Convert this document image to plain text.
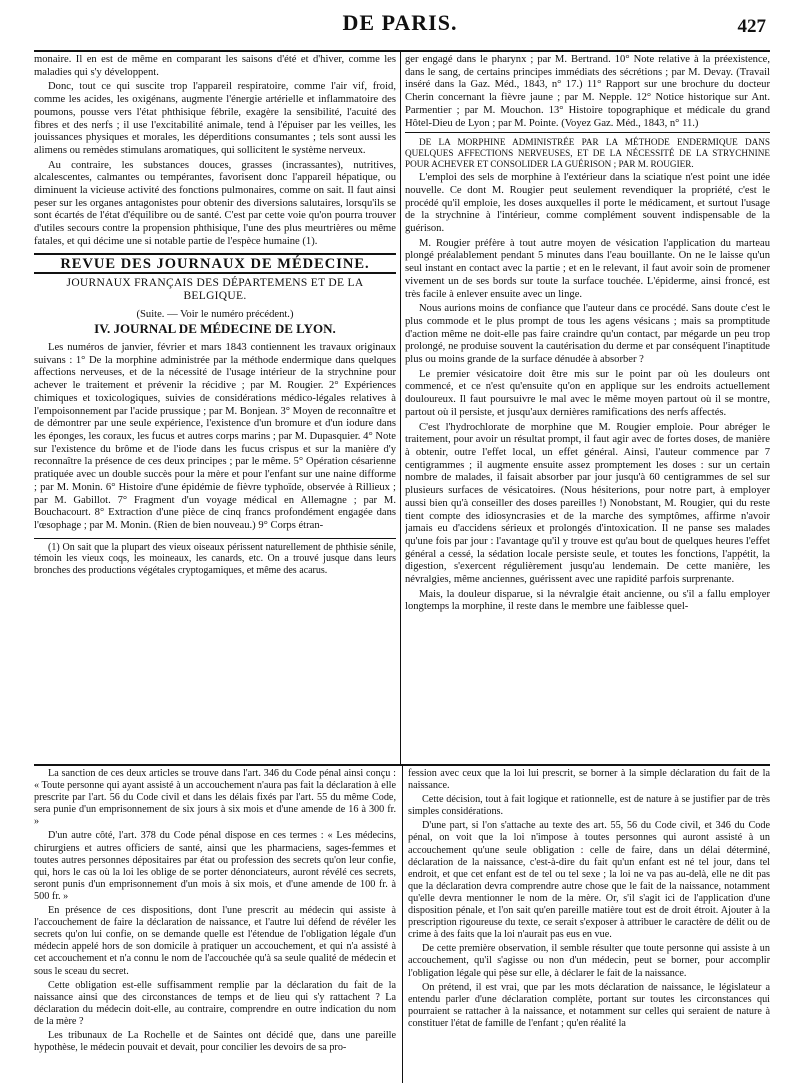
DE PARIS.	427

monaire. Il en est de même en comparant les saisons d'été et d'hiver, comme les maladies qui s'y développent.

Donc, tout ce qui suscite trop l'appareil respiratoire, comme l'air vif, froid, comme les acides, les oxigénans, augmente l'énergie artérielle et inflammatoire des poumons, pousse vers l'état phthisique fébrile, exagère la sensibilité, l'acuité des fibres et des nerfs ; il use l'excitabilité animale, tend à l'épuiser par les veilles, les jouissances physiques et morales, les déperditions consumantes ; tels sont aussi les alimens ou remèdes stimulans aromatiques, qui sollicitent le système nerveux.

Au contraire, les substances douces, grasses (incrassantes), nutritives, alcalescentes, calmantes ou tempérantes, favorisent donc l'appareil hépatique, ou diminuent la vicieuse activité des fonctions pulmonaires, comme on sait. Il faut ainsi peser sur les organes antagonistes pour obtenir des diversions salutaires, lorsqu'ils se sont écartés de l'état d'équilibre ou de santé. C'est par cette voie qu'on pourra trouver d'utiles secours contre la propension phthisique, l'une des plus meurtrières ou même fatales, et qui décime une si notable partie de l'espèce humaine (1).

REVUE DES JOURNAUX DE MÉDECINE.
JOURNAUX FRANÇAIS DES DÉPARTEMENS ET DE LA BELGIQUE.
(Suite. — Voir le numéro précédent.)
IV. JOURNAL DE MÉDECINE DE LYON.

Les numéros de janvier, février et mars 1843 contiennent les travaux originaux suivans : 1° De la morphine administrée par la méthode endermique dans quelques affections nerveuses, et de la nécessité de l'usage intérieur de la strychnine pour achever le traitement et prévenir la récidive ; par M. Rougier. 2° Expériences chimiques et toxicologiques, suivies de considérations médico-légales relatives à l'empoisonnement par l'acide prussique ; par M. Bonjean. 3° Moyen de reconnaître et de démontrer par une seule expérience, l'existence d'un bromure et d'un iodure dans les éponges, les coraux, les fucus et autres corps marins ; par M. Dupasquier. 4° Note sur l'existence du brôme et de l'iode dans les fucus crispus et sur la manière d'y reconnaître la présence de ces deux principes ; par le même. 5° Opération césarienne pratiquée avec un double succès pour la mère et pour l'enfant sur une naine difforme ; par M. Monin. 6° Histoire d'une épidémie de fièvre typhoïde, observée à Rillieux ; par M. Gabillot. 7° Fragment d'un voyage médical en Allemagne ; par M. Bouchacourt. 8° Extraction d'une pièce de cinq francs profondément engagée dans l'œsophage ; par M. Monin. (Rien de bien nouveau.) 9° Corps étran-

(1) On sait que la plupart des vieux oiseaux périssent naturellement de phthisie sénile, témoin les vieux coqs, les moineaux, les canards, etc. On a trouvé jusque dans leurs bronches des productions végétales cryptogamiques, et même des acarus.

ger engagé dans le pharynx ; par M. Bertrand. 10° Note relative à la préexistence, dans le sang, de certains principes immédiats des sécrétions ; par M. Devay. (Travail inséré dans la Gaz. Méd., 1843, n° 17.) 11° Rapport sur une brochure du docteur Cherin concernant la fièvre jaune ; par M. Nepple. 12° Notice historique sur Ant. Parmentier ; par M. Mouchon. 13° Histoire topographique et médicale du grand Hôtel-Dieu de Lyon ; par M. Pointe. (Voyez Gaz. Méd., 1843, n° 11.)

DE LA MORPHINE ADMINISTRÉE PAR LA MÉTHODE ENDERMIQUE DANS QUELQUES AFFECTIONS NERVEUSES, ET DE LA NÉCESSITÉ DE LA STRYCHNINE POUR ACHEVER ET CONSOLIDER LA GUÉRISON ; PAR M. ROUGIER.

L'emploi des sels de morphine à l'extérieur dans la sciatique n'est point une idée nouvelle. Ce dont M. Rougier peut seulement revendiquer la propriété, c'est le procédé qu'il emploie, les doses auxquelles il porte le médicament, et surtout l'usage de la strychnine à l'intérieur, comme complément souvent indispensable de la guérison.

M. Rougier préfère à tout autre moyen de vésication l'application du marteau plongé préalablement pendant 5 minutes dans l'eau bouillante. On ne le laisse qu'un seul instant en contact avec la partie ; et en le relevant, il faut avoir soin de promener vivement un de ses bords sur toute la surface touchée. L'épiderme, ainsi froncé, est très facile à enlever ensuite avec un linge.

Nous aurions moins de confiance que l'auteur dans ce procédé. Sans doute c'est le plus commode et le plus prompt de tous les agens vésicans ; mais sa promptitude d'action même ne doit-elle pas faire craindre qu'un contact, par mégarde un peu trop prolongé, ne produise souvent la cautérisation du derme et par conséquent l'inaptitude plus ou moins grande de la surface dénudée à absorber ?

Le premier vésicatoire doit être mis sur le point par où les douleurs ont commencé, et ce n'est qu'ensuite qu'on en applique sur les endroits actuellement douloureux. Il faut poursuivre le mal avec le même moyen partout où il se montre, partout où il persiste, et jusqu'aux dernières ramifications des nerfs affectés.

C'est l'hydrochlorate de morphine que M. Rougier emploie. Pour abréger le traitement, pour avoir un résultat prompt, il faut agir avec de fortes doses, de manière à obtenir, outre l'effet local, un effet général. Ainsi, l'auteur commence par 7 centigrammes ; il augmente ensuite assez promptement les doses : sur un certain nombre de malades, il faisait absorber par jour jusqu'à 60 centigrammes de sel sur plusieurs surfaces de vésicatoires. (Nous hésiterions, pour notre part, à employer aussi bien qu'à conseiller des doses pareilles !) Nonobstant, M. Rougier, qui du reste tient compte des idiosyncrasies et de la marche des symptômes, affirme n'avoir jamais eu d'accidens sérieux et prolongés d'intoxication. Il ne panse ses malades qu'une fois par jour : l'avantage qu'il y trouve est qu'au bout de quelques heures l'effet général a cessé, la sédation locale persiste seule, et toutes les fonctions, l'appétit, la digestion, s'exercent régulièrement jusqu'au lendemain. De cette manière, les névralgies, même anciennes, guérissent avec une rapidité parfois surprenante.

Mais, la douleur disparue, si la névralgie était ancienne, ou s'il a fallu employer longtemps la morphine, il reste dans le membre une faiblesse quel-

La sanction de ces deux articles se trouve dans l'art. 346 du Code pénal ainsi conçu : « Toute personne qui ayant assisté à un accouchement n'aura pas fait la déclaration à elle prescrite par l'art. 56 du Code civil et dans les délais fixés par l'art. 55 du même Code, sera punie d'un emprisonnement de six jours à six mois et d'une amende de 16 à 300 fr. »

D'un autre côté, l'art. 378 du Code pénal dispose en ces termes : « Les médecins, chirurgiens et autres officiers de santé, ainsi que les pharmaciens, sages-femmes et toutes autres personnes dépositaires par état ou profession des secrets qu'on leur confie, qui, hors le cas où la loi les oblige de se porter dénonciateurs, auront révélé ces secrets, seront punis d'un emprisonnement d'un mois à six mois, et d'une amende de 100 fr. à 500 fr. »

En présence de ces dispositions, dont l'une prescrit au médecin qui assiste à l'accouchement de faire la déclaration de naissance, et l'autre lui défend de révéler les secrets qu'on lui confie, on se demande quelle est l'étendue de l'obligation légale d'un médecin appelé hors de son domicile à pratiquer un accouchement, et qui n'a assisté à cet accouchement et n'a connu le nom de l'accouchée qu'à sa seule qualité de médecin et sous le sceau du secret.

Cette obligation est-elle suffisamment remplie par la déclaration du fait de la naissance ainsi que des circonstances de temps et de lieu qui s'y rattachent ? La déclaration du médecin doit-elle, au contraire, comprendre en outre indication du nom de la mère ?

Les tribunaux de La Rochelle et de Saintes ont décidé que, dans une pareille hypothèse, le médecin pouvait et devait, pour concilier les devoirs de sa pro-

fession avec ceux que la loi lui prescrit, se borner à la simple déclaration du fait de la naissance.

Cette décision, tout à fait logique et rationnelle, est de nature à se justifier par de très simples considérations.

D'une part, si l'on s'attache au texte des art. 55, 56 du Code civil, et 346 du Code pénal, on voit que la loi n'impose à toutes personnes qui auront assisté à un accouchement qu'une seule obligation : celle de faire, dans un délai déterminé, déclaration de la naissance, c'est-à-dire du fait qu'un enfant est né tel jour, dans tel endroit, et que cet enfant est de tel ou tel sexe ; la loi ne va pas au-delà, elle ne dit pas que la déclaration devra comprendre autre chose que le fait de la naissance, notamment qu'elle devra mentionner le nom de la mère. Or, s'il s'agit ici de l'application d'une disposition pénale, et l'on sait qu'en pareille matière tout est de droit étroit. Ajouter à la prescription rigoureuse du texte, ce serait s'exposer à attribuer le caractère de délit ou de crime à des faits que la loi n'aurait pas eus en vue.

De cette première observation, il semble résulter que toute personne qui assiste à un accouchement, qu'il s'agisse ou non d'un médecin, peut se borner, pour accomplir l'obligation légale qui pèse sur elle, à déclarer le fait de la naissance.

On prétend, il est vrai, que par les mots déclaration de naissance, le législateur a entendu parler d'une déclaration complète, portant sur toutes les circonstances qui pourraient se rattacher à la naissance, et notamment sur celles qui seraient de nature à constituer l'état de famille de l'enfant ; qu'en réalité la
